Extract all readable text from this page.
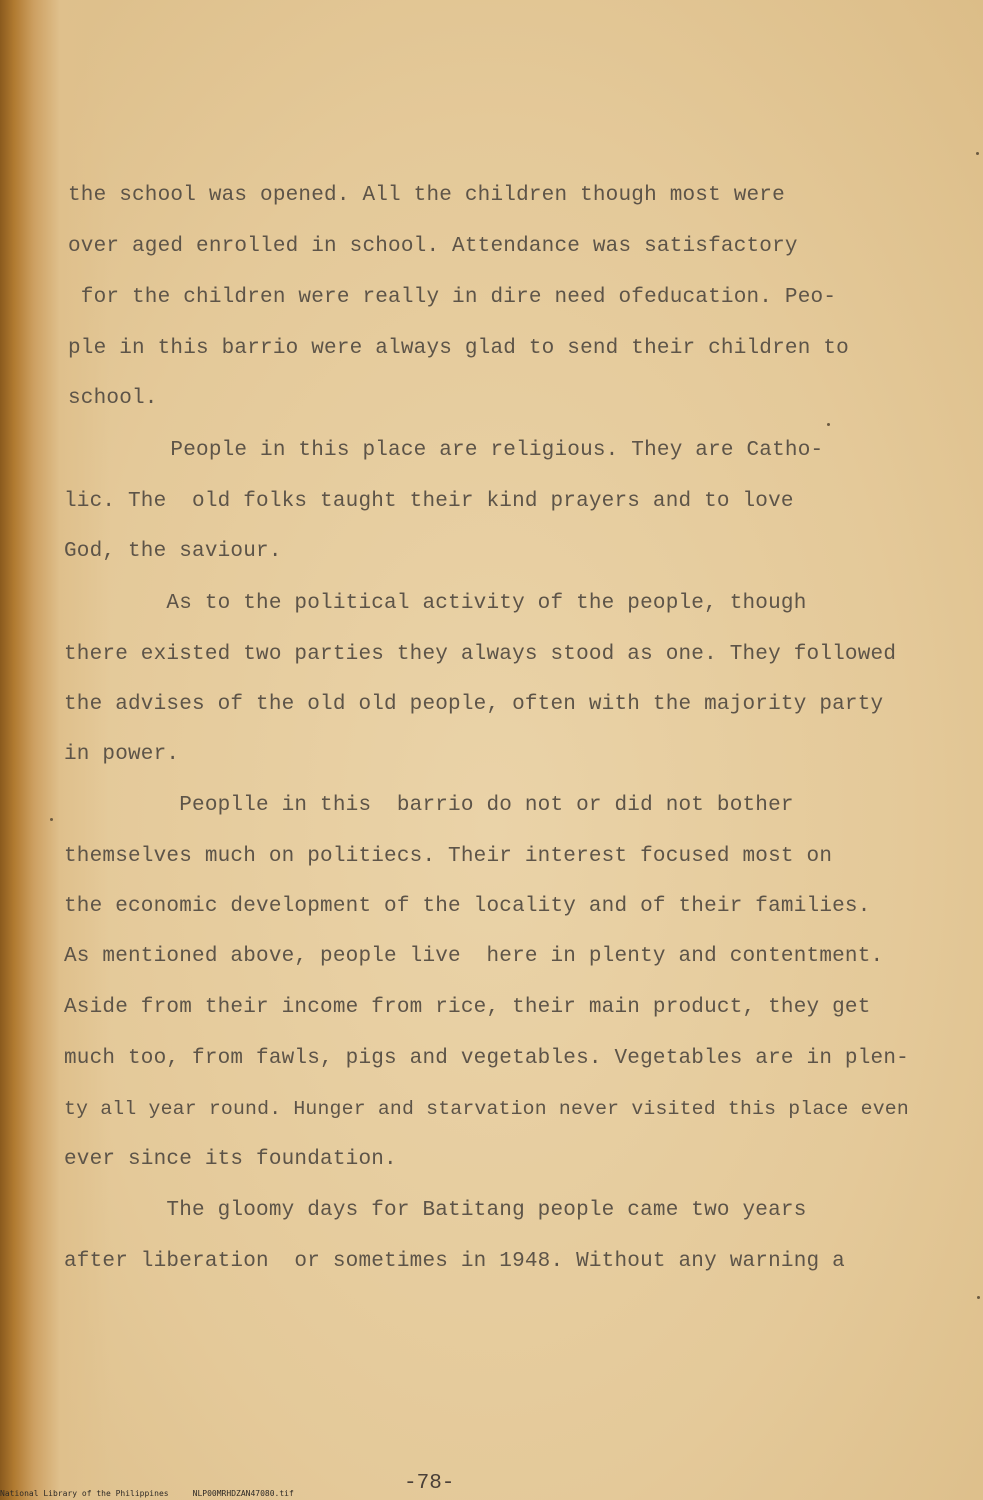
the school was opened. All the children though most were
over aged enrolled in school. Attendance was satisfactory
for the children were really in dire need ofeducation. Peo-
ple in this barrio were always glad to send their children to
school.
People in this place are religious. They are Catho-
lic. The  old folks taught their kind prayers and to love
God, the saviour.
As to the political activity of the people, though
there existed two parties they always stood as one. They followed
the advises of the old old people, often with the majority party
in power.
Peoplle in this  barrio do not or did not bother
themselves much on politiecs. Their interest focused most on
the economic development of the locality and of their families.
As mentioned above, people live  here in plenty and contentment.
Aside from their income from rice, their main product, they get
much too, from fawls, pigs and vegetables. Vegetables are in plen-
ty all year round. Hunger and starvation never visited this place even
ever since its foundation.
The gloomy days for Batitang people came two years
after liberation  or sometimes in 1948. Without any warning a
-78-
National Library of the Philippines     NLP00MRHDZAN47080.tif
